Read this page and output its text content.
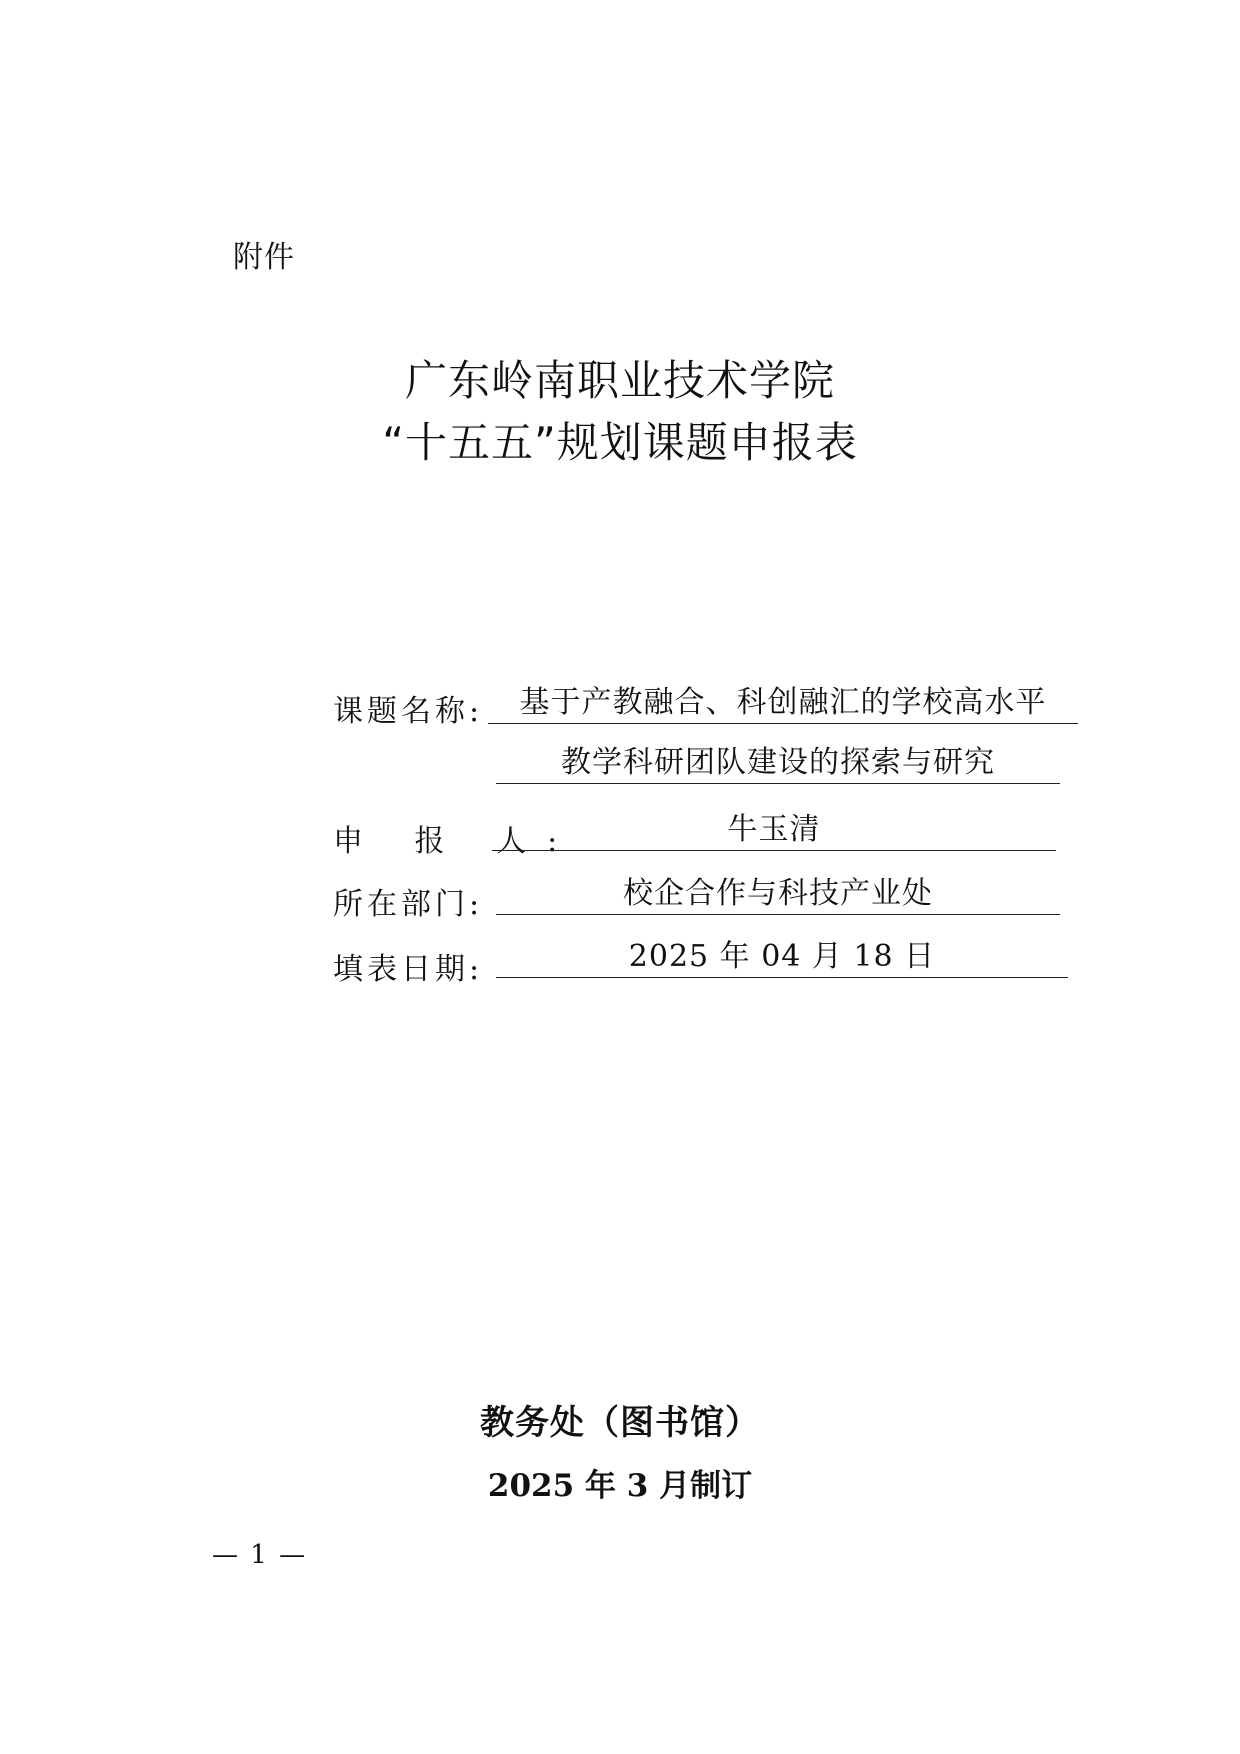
附件
广东岭南职业技术学院
“十五五”规划课题申报表
课题名称:	基于产教融合、科创融汇的学校高水平
教学科研团队建设的探索与研究
申 报 人:	牛玉清
所在部门:	校企合作与科技产业处
填表日期:	2025 年 04 月 18 日
教务处（图书馆）
2025 年 3 月制订
— 1 —
